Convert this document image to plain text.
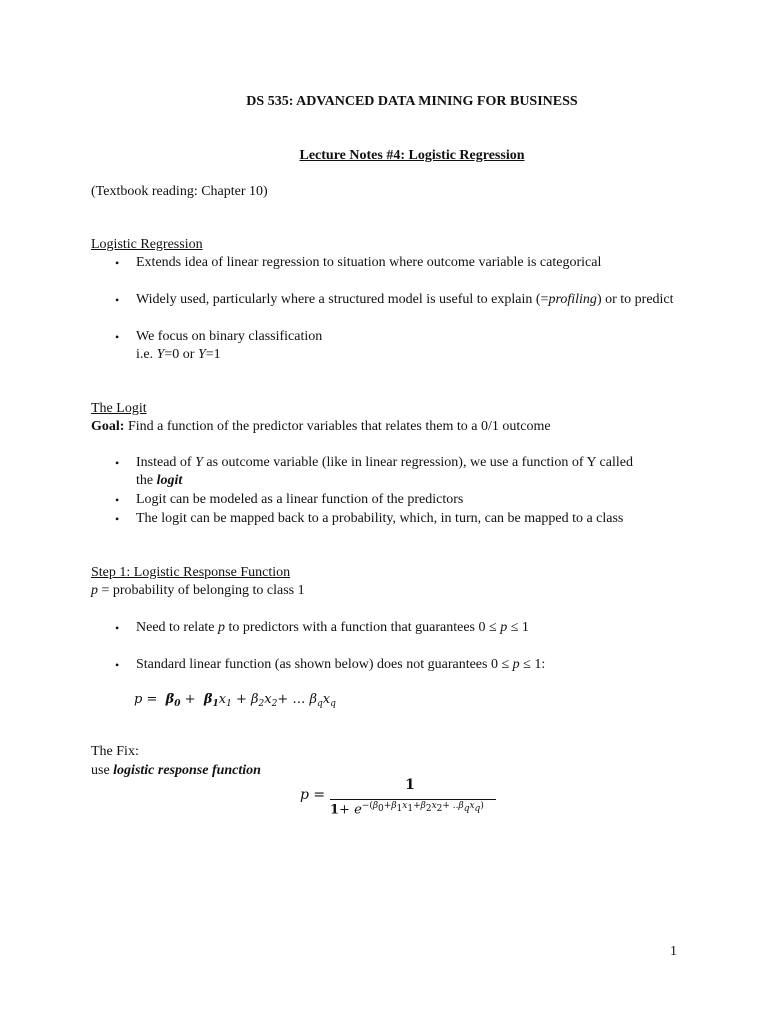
DS 535: ADVANCED DATA MINING FOR BUSINESS
Lecture Notes #4: Logistic Regression
(Textbook reading: Chapter 10)
Logistic Regression
• Extends idea of linear regression to situation where outcome variable is categorical
• Widely used, particularly where a structured model is useful to explain (=profiling) or to predict
• We focus on binary classification
i.e. Y=0 or Y=1
The Logit
Goal: Find a function of the predictor variables that relates them to a 0/1 outcome
• Instead of Y as outcome variable (like in linear regression), we use a function of Y called
the logit
• Logit can be modeled as a linear function of the predictors
• The logit can be mapped back to a probability, which, in turn, can be mapped to a class
Step 1: Logistic Response Function
p = probability of belonging to class 1
• Need to relate p to predictors with a function that guarantees 0 ≤ p ≤ 1
• Standard linear function (as shown below) does not guarantees 0 ≤ p ≤ 1:
$p = \beta_0 + \beta_1x_1 + \beta_2x_2+$ … $\beta_qx_q$
The Fix:
use logistic response function
p =
1
$1+ e^{-(\beta_0+\beta_1x_1+\beta_2x_2+ ..\beta_qx_q)}$
1
